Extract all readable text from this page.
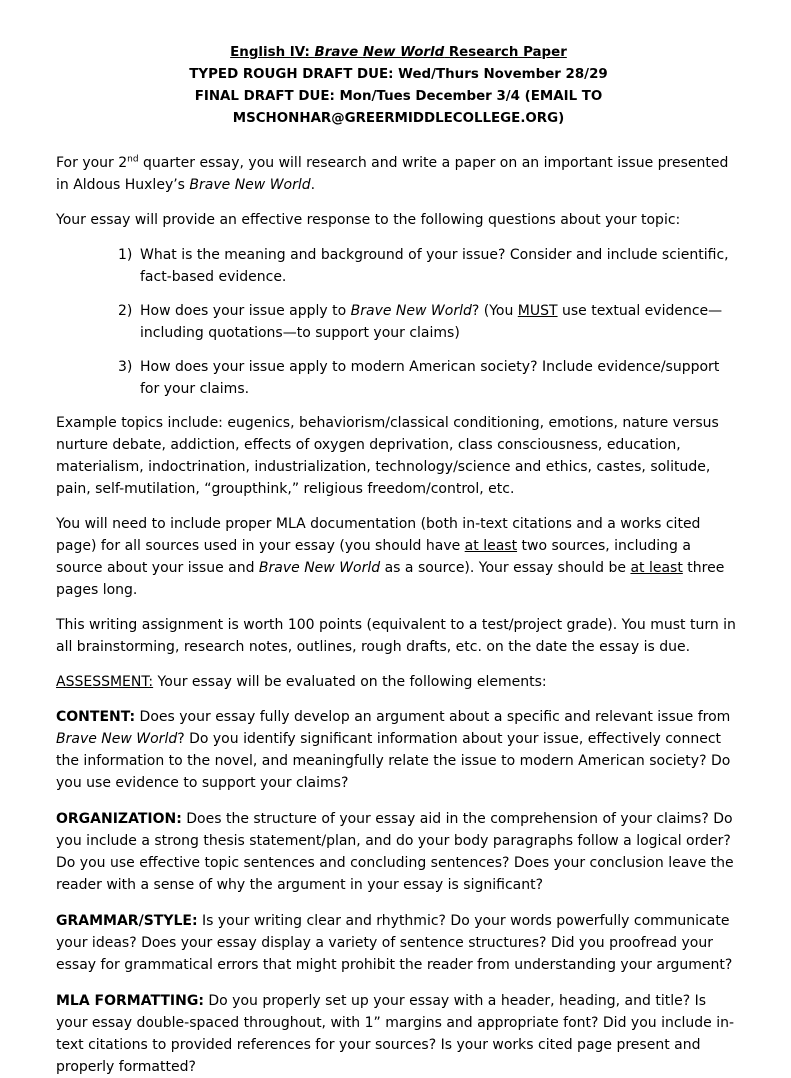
English IV: Brave New World Research Paper
TYPED ROUGH DRAFT DUE: Wed/Thurs November 28/29
FINAL DRAFT DUE: Mon/Tues December 3/4 (EMAIL TO MSCHONHAR@GREERMIDDLECOLLEGE.ORG)

For your 2nd quarter essay, you will research and write a paper on an important issue presented in Aldous Huxley’s Brave New World.

Your essay will provide an effective response to the following questions about your topic:

1) What is the meaning and background of your issue? Consider and include scientific, fact-based evidence.
2) How does your issue apply to Brave New World? (You MUST use textual evidence—including quotations—to support your claims)
3) How does your issue apply to modern American society? Include evidence/support for your claims.

Example topics include: eugenics, behaviorism/classical conditioning, emotions, nature versus nurture debate, addiction, effects of oxygen deprivation, class consciousness, education, materialism, indoctrination, industrialization, technology/science and ethics, castes, solitude, pain, self-mutilation, “groupthink,” religious freedom/control, etc.

You will need to include proper MLA documentation (both in-text citations and a works cited page) for all sources used in your essay (you should have at least two sources, including a source about your issue and Brave New World as a source). Your essay should be at least three pages long.

This writing assignment is worth 100 points (equivalent to a test/project grade). You must turn in all brainstorming, research notes, outlines, rough drafts, etc. on the date the essay is due.

ASSESSMENT: Your essay will be evaluated on the following elements:

CONTENT: Does your essay fully develop an argument about a specific and relevant issue from Brave New World? Do you identify significant information about your issue, effectively connect the information to the novel, and meaningfully relate the issue to modern American society? Do you use evidence to support your claims?

ORGANIZATION: Does the structure of your essay aid in the comprehension of your claims? Do you include a strong thesis statement/plan, and do your body paragraphs follow a logical order? Do you use effective topic sentences and concluding sentences? Does your conclusion leave the reader with a sense of why the argument in your essay is significant?

GRAMMAR/STYLE: Is your writing clear and rhythmic? Do your words powerfully communicate your ideas? Does your essay display a variety of sentence structures? Did you proofread your essay for grammatical errors that might prohibit the reader from understanding your argument?

MLA FORMATTING: Do you properly set up your essay with a header, heading, and title? Is your essay double-spaced throughout, with 1” margins and appropriate font? Did you include in-text citations to provided references for your sources? Is your works cited page present and properly formatted?
